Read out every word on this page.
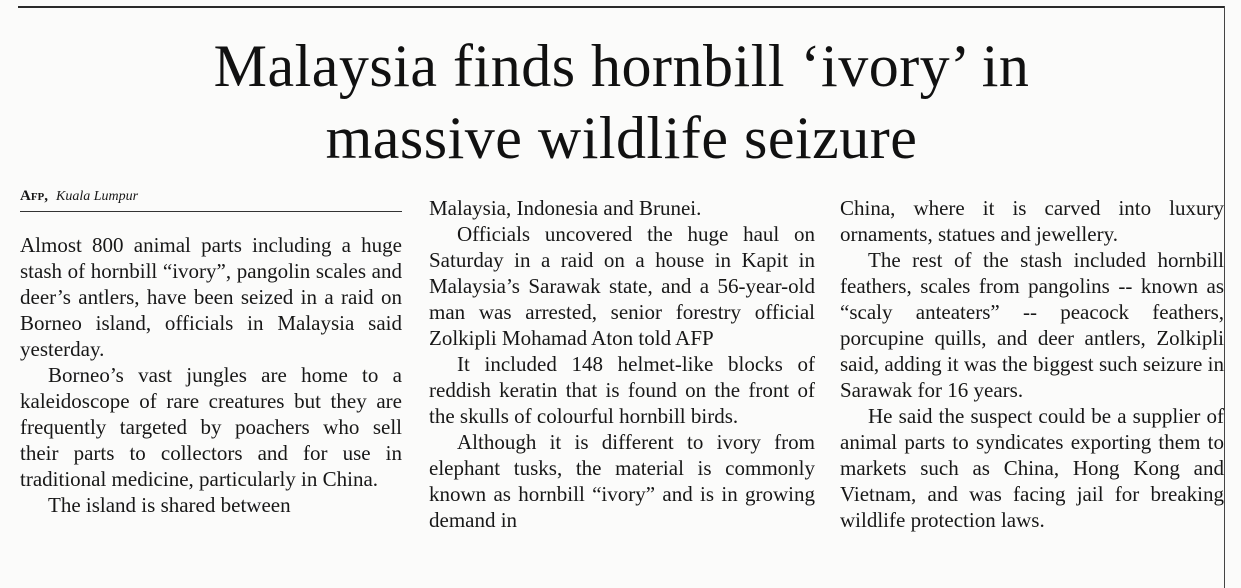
Malaysia finds hornbill ‘ivory’ in
massive wildlife seizure
Afp, Kuala Lumpur

Almost 800 animal parts including a huge stash of hornbill “ivory”, pangolin scales and deer’s antlers, have been seized in a raid on Borneo island, officials in Malaysia said yesterday.

Borneo’s vast jungles are home to a kaleidoscope of rare creatures but they are frequently targeted by poachers who sell their parts to collectors and for use in traditional medicine, particularly in China.

The island is shared between

Malaysia, Indonesia and Brunei.

Officials uncovered the huge haul on Saturday in a raid on a house in Kapit in Malaysia’s Sarawak state, and a 56-year-old man was arrested, senior forestry official Zolkipli Mohamad Aton told AFP

It included 148 helmet-like blocks of reddish keratin that is found on the front of the skulls of colourful hornbill birds.

Although it is different to ivory from elephant tusks, the material is commonly known as hornbill “ivory” and is in growing demand in

China, where it is carved into luxury ornaments, statues and jewellery.

The rest of the stash included hornbill feathers, scales from pangolins -- known as “scaly anteaters” -- peacock feathers, porcupine quills, and deer antlers, Zolkipli said, adding it was the biggest such seizure in Sarawak for 16 years.

He said the suspect could be a supplier of animal parts to syndicates exporting them to markets such as China, Hong Kong and Vietnam, and was facing jail for breaking wildlife protection laws.
